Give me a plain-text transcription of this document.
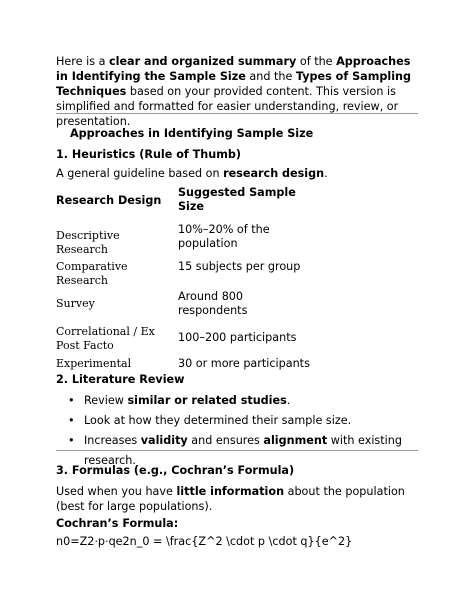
Here is a clear and organized summary of the Approaches in Identifying the Sample Size and the Types of Sampling Techniques based on your provided content. This version is simplified and formatted for easier understanding, review, or presentation.
Approaches in Identifying Sample Size
1. Heuristics (Rule of Thumb)
A general guideline based on research design.
Research Design	Suggested Sample Size
Descriptive Research	10%–20% of the population
Comparative Research	15 subjects per group
Survey	Around 800 respondents
Correlational / Ex Post Facto	100–200 participants
Experimental	30 or more participants
2. Literature Review
• Review similar or related studies.
• Look at how they determined their sample size.
• Increases validity and ensures alignment with existing research.
3. Formulas (e.g., Cochran’s Formula)
Used when you have little information about the population (best for large populations).
Cochran’s Formula:
n0=Z2⋅p⋅qe2n_0 = \frac{Z^2 \cdot p \cdot q}{e^2}
